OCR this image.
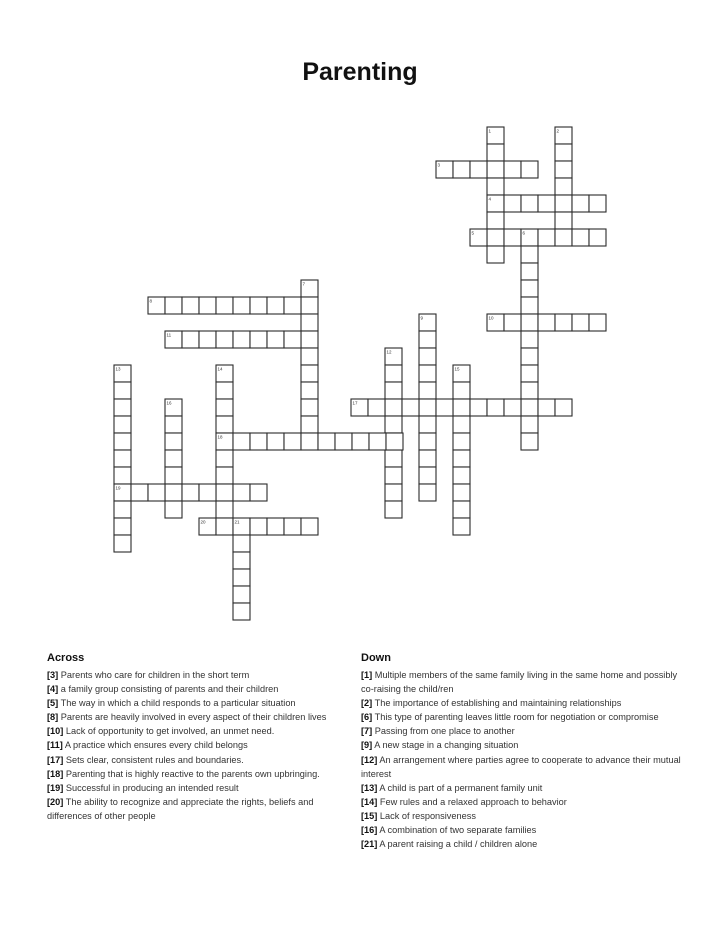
Parenting
1	2
3
4
5	6
7
8
9	10
11
12
13	14	15
16	17
18
19
20	21
Across
[3] Parents who care for children in the short term
[4] a family group consisting of parents and their children
[5] The way in which a child responds to a particular situation
[8] Parents are heavily involved in every aspect of their children lives
[10] Lack of opportunity to get involved, an unmet need.
[11] A practice which ensures every child belongs
[17] Sets clear, consistent rules and boundaries.
[18] Parenting that is highly reactive to the parents own upbringing.
[19] Successful in producing an intended result
[20] The ability to recognize and appreciate the rights, beliefs and differences of other people
Down
[1] Multiple members of the same family living in the same home and possibly co-raising the child/ren
[2] The importance of establishing and maintaining relationships
[6] This type of parenting leaves little room for negotiation or compromise
[7] Passing from one place to another
[9] A new stage in a changing situation
[12] An arrangement where parties agree to cooperate to advance their mutual interest
[13] A child is part of a permanent family unit
[14] Few rules and a relaxed approach to behavior
[15] Lack of responsiveness
[16] A combination of two separate families
[21] A parent raising a child / children alone
